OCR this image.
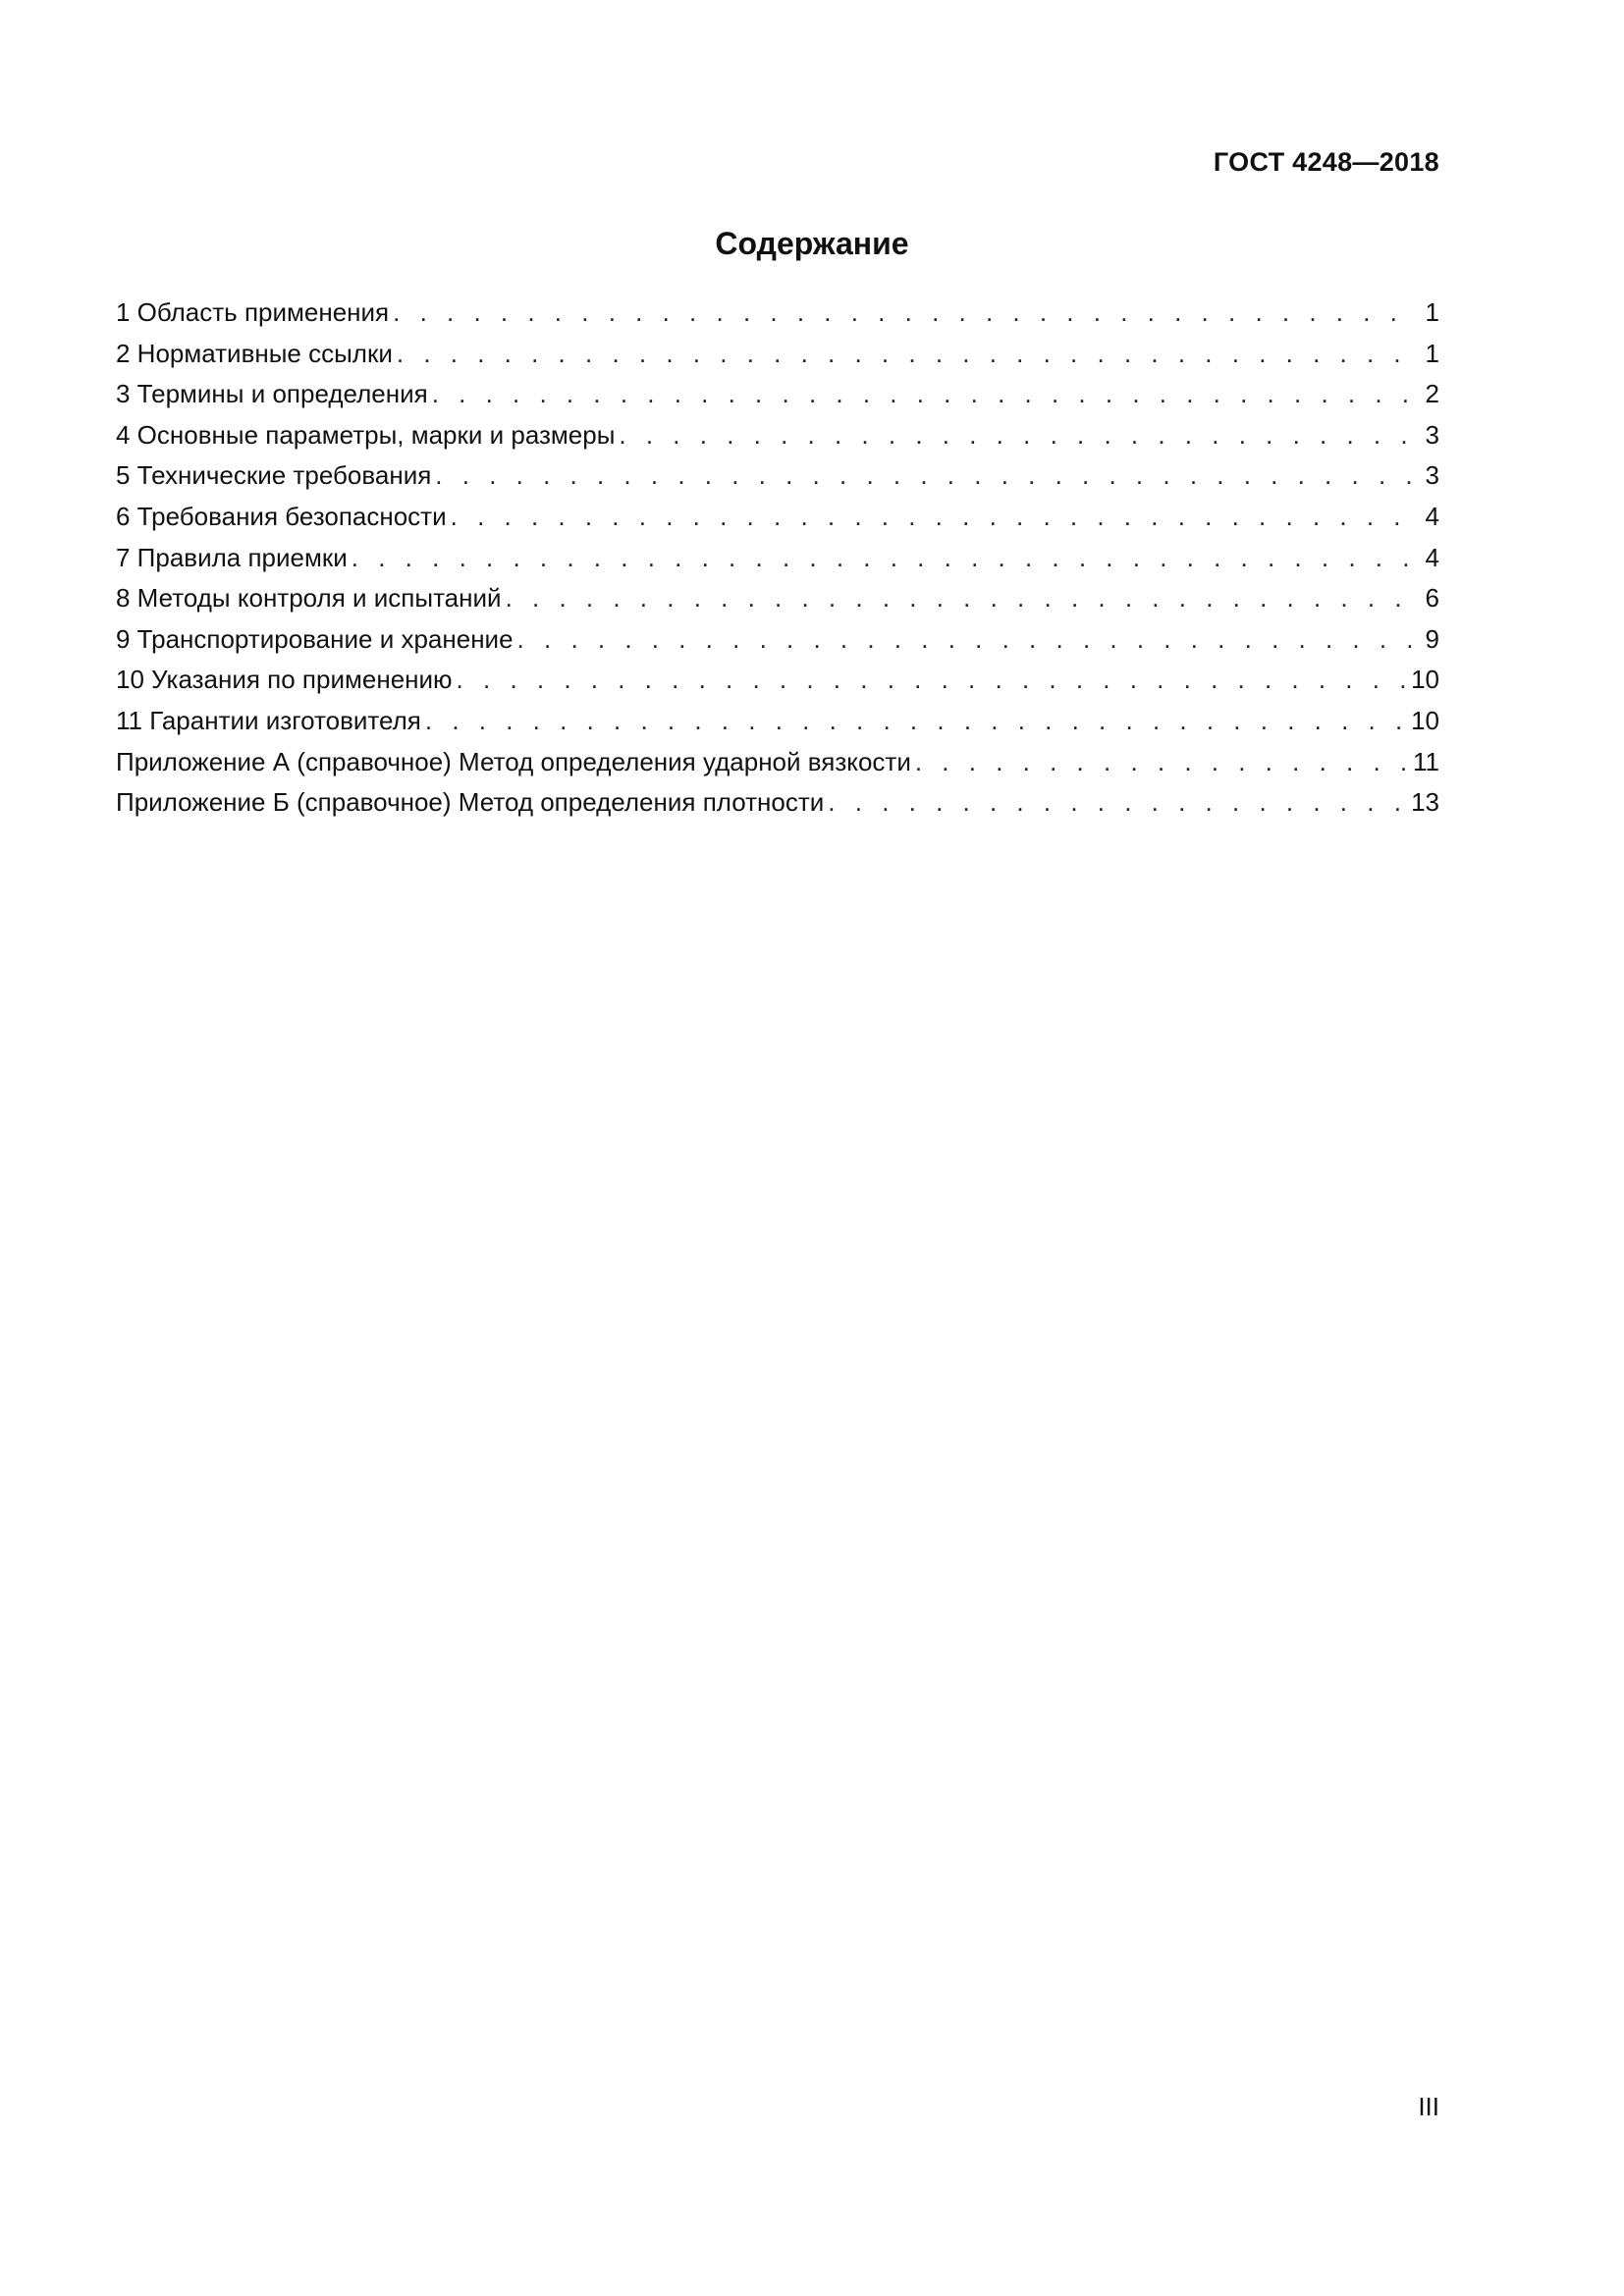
ГОСТ 4248—2018
Содержание
1 Область применения . . .	1
2 Нормативные ссылки . . .	1
3 Термины и определения . . .	2
4 Основные параметры, марки и размеры . . .	3
5 Технические требования . . .	3
6 Требования безопасности . . .	4
7 Правила приемки . . .	4
8 Методы контроля и испытаний . . .	6
9 Транспортирование и хранение . . .	9
10 Указания по применению . . .	10
11 Гарантии изготовителя . . .	10
Приложение А (справочное) Метод определения ударной вязкости . . .	11
Приложение Б (справочное) Метод определения плотности . . .	13
III
